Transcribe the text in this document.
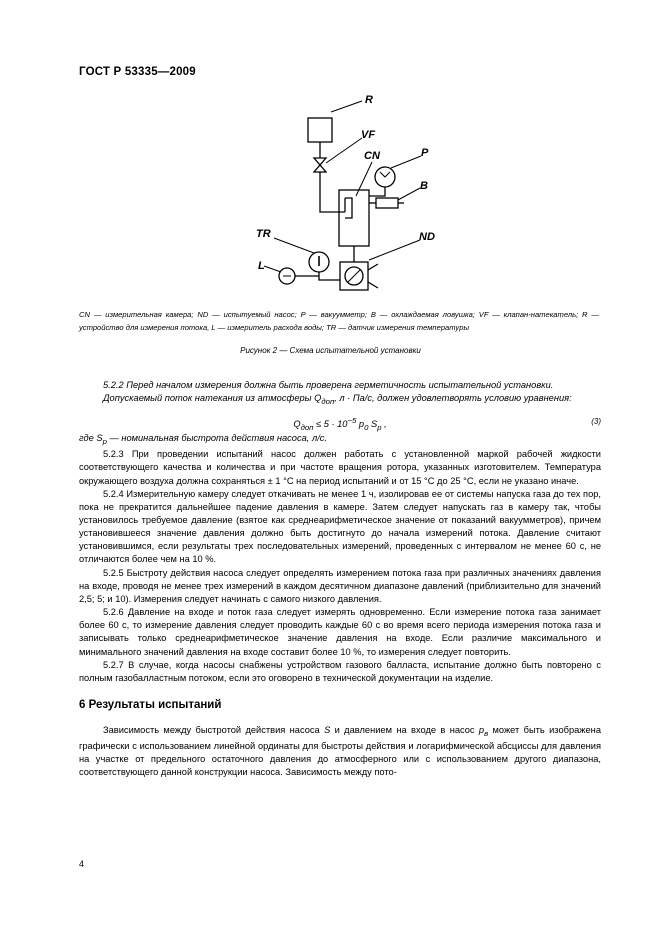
ГОСТ Р 53335—2009
R
VF
CN	P
B
TR	ND
L
CN — измерительная камера; ND — испытуемый насос; P — вакуумметр; B — охлаждаемая ловушка; VF — клапан-натекатель; R — устройство для измерения потока, L — измеритель расхода воды; TR — датчик измерения температуры
Рисунок 2 — Схема испытательной установки

5.2.2 Перед началом измерения должна быть проверена герметичность испытательной установки.

Допускаемый поток натекания из атмосферы $Q_{доп}$, л · Па/с, должен удовлетворять условию уравнения:

$Q_{доп} \le 5 \cdot 10^{-5}$ $p_0$ $S_p$ ,	(3)

где $S_p$ — номинальная быстрота действия насоса, л/с.

5.2.3 При проведении испытаний насос должен работать с установленной маркой рабочей жидкости соответствующего качества и количества и при частоте вращения ротора, указанных изготовителем. Температура окружающего воздуха должна сохраняться ± 1 °С на период испытаний и от 15 °С до 25 °С, если не указано иначе.

5.2.4 Измерительную камеру следует откачивать не менее 1 ч, изолировав ее от системы напуска газа до тех пор, пока не прекратится дальнейшее падение давления в камере. Затем следует напускать газ в камеру так, чтобы установилось требуемое давление (взятое как среднеарифметическое значение от показаний вакуумметров), причем установившееся значение давления должно быть достигнуто до начала измерений потока. Давление считают установившимся, если результаты трех последовательных измерений, проведенных с интервалом не менее 60 с, не отличаются более чем на 10 %.

5.2.5 Быстроту действия насоса следует определять измерением потока газа при различных значениях давления на входе, проводя не менее трех измерений в каждом десятичном диапазоне давлений (приблизительно для значений 2,5; 5; и 10). Измерения следует начинать с самого низкого давления.

5.2.6 Давление на входе и поток газа следует измерять одновременно. Если измерение потока газа занимает более 60 с, то измерение давления следует проводить каждые 60 с во время всего периода измерения потока газа и записывать только среднеарифметическое значение давления на входе. Если различие максимального и минимального значений давления на входе составит более 10 %, то измерения следует повторить.

5.2.7 В случае, когда насосы снабжены устройством газового балласта, испытание должно быть повторено с полным газобалластным потоком, если это оговорено в технической документации на изделие.

6 Результаты испытаний

Зависимость между быстротой действия насоса S и давлением на входе в насос $p_в$ может быть изображена графически с использованием линейной ординаты для быстроты действия и логарифмической абсциссы для давления на участке от предельного остаточного давления до атмосферного или с использованием другого диапазона, соответствующего данной конструкции насоса. Зависимость между пото-

4
